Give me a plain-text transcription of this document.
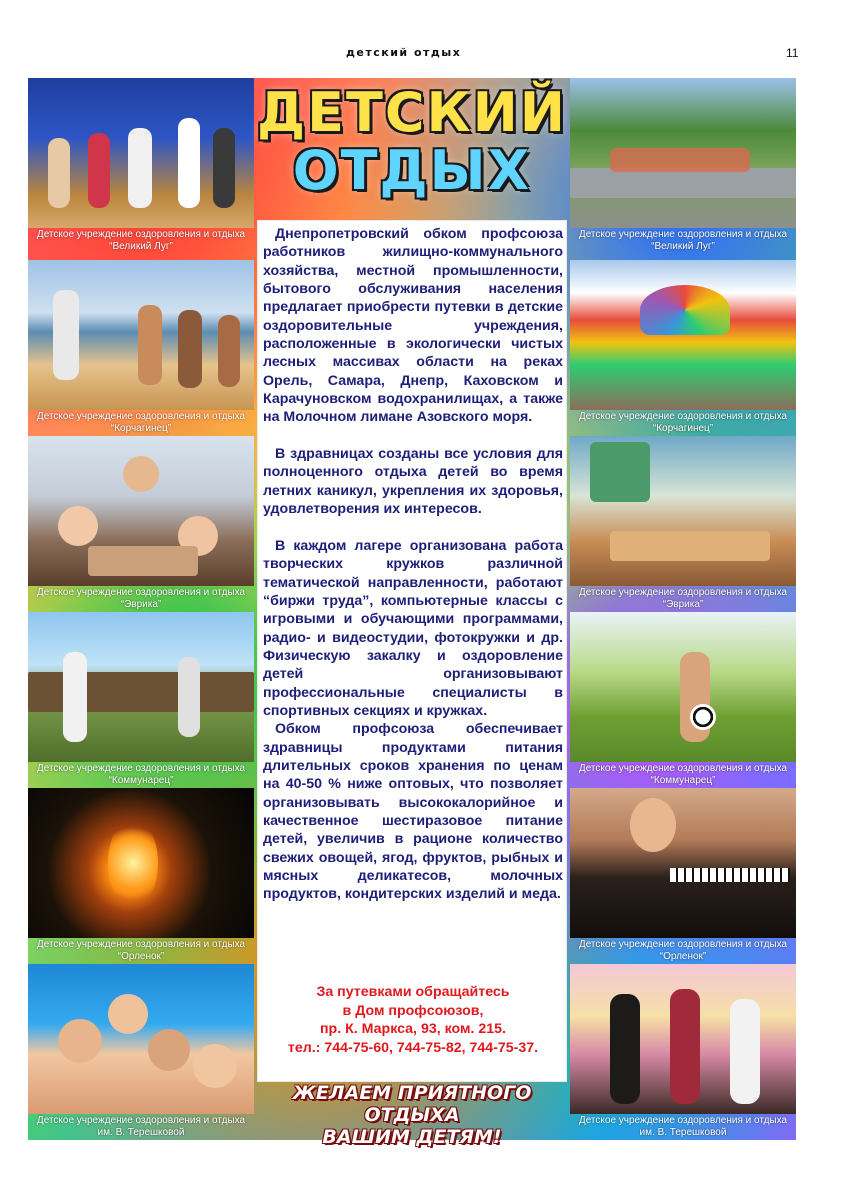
детский отдых	11
Детское учреждение оздоровления и отдыха
“Великий Луг”
Детское учреждение оздоровления и отдыха
“Корчагинец”
Детское учреждение оздоровления и отдыха
“Эврика”
Детское учреждение оздоровления и отдыха
“Коммунарец”
Детское учреждение оздоровления и отдыха
“Орленок”
Детское учреждение оздоровления и отдыха
им. В. Терешковой
ДЕТСКИЙ
ОТДЫХ

Днепропетровский обком профсоюза работников жилищно-коммунального хозяйства, местной промышленности, бытового обслуживания населения предлагает приобрести путевки в детские оздоровительные учреждения, расположенные в экологически чистых лесных массивах области на реках Орель, Самара, Днепр, Каховском и Карачуновском водохранилищах, а также на Молочном лимане Азовского моря.

В здравницах созданы все условия для полноценного отдыха детей во время летних каникул, укрепления их здоровья, удовлетворения их интересов.

В каждом лагере организована работа творческих кружков различной тематической направленности, работают “биржи труда”, компьютерные классы с игровыми и обучающими программами, радио- и видеостудии, фотокружки и др. Физическую закалку и оздоровление детей организовывают профессиональные специалисты в спортивных секциях и кружках.

Обком профсоюза обеспечивает здравницы продуктами питания длительных сроков хранения по ценам на 40-50 % ниже оптовых, что позволяет организовывать высококалорийное и качественное шестиразовое питание детей, увеличив в рационе количество свежих овощей, ягод, фруктов, рыбных и мясных деликатесов, молочных продуктов, кондитерских изделий и меда.

За путевками обращайтесь
в Дом профсоюзов,
пр. К. Маркса, 93, ком. 215.
тел.: 744-75-60, 744-75-82, 744-75-37.
ЖЕЛАЕМ ПРИЯТНОГО ОТДЫХА
ВАШИМ ДЕТЯМ!
Детское учреждение оздоровления и отдыха
“Великий Луг”
Детское учреждение оздоровления и отдыха
“Корчагинец”
Детское учреждение оздоровления и отдыха
“Эврика”
Детское учреждение оздоровления и отдыха
“Коммунарец”
Детское учреждение оздоровления и отдыха
“Орленок”
Детское учреждение оздоровления и отдыха
им. В. Терешковой
